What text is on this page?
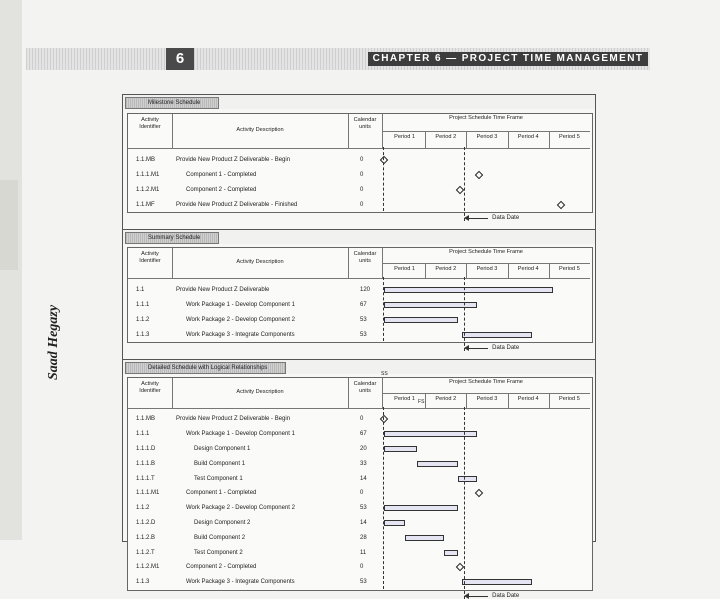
6	CHAPTER 6 — PROJECT TIME MANAGEMENT
Saad Hegazy
Milestone Schedule
Activity Identifier	Activity Description
Calendar units
Project Schedule Time Frame
Period 1	Period 2	Period 3	Period 4	Period 5
1.1.MB	Provide New Product Z Deliverable - Begin	0
1.1.1.M1	Component 1 - Completed	0
1.1.2.M1	Component 2 - Completed	0
1.1.MF	Provide New Product Z Deliverable - Finished	0
Data Date
Summary Schedule
Activity Identifier	Activity Description
Calendar units
Project Schedule Time Frame
Period 1	Period 2	Period 3	Period 4	Period 5
1.1	Provide New Product Z Deliverable	120
1.1.1	Work Package 1 - Develop Component 1	67
1.1.2	Work Package 2 - Develop Component 2	53
1.1.3	Work Package 3 - Integrate Components	53
Data Date
Detailed Schedule with Logical Relationships
Activity Identifier	Activity Description
Calendar units
Project Schedule Time Frame
Period 1	Period 2	Period 3	Period 4	Period 5
1.1.MB	Provide New Product Z Deliverable - Begin	0
1.1.1	Work Package 1 - Develop Component 1	67
1.1.1.D	Design Component 1	20
1.1.1.B	Build Component 1	33
1.1.1.T	Test Component 1	14
1.1.1.M1	Component 1 - Completed	0
1.1.2	Work Package 2 - Develop Component 2	53
1.1.2.D	Design Component 2	14
1.1.2.B	Build Component 2	28
1.1.2.T	Test Component 2	11
1.1.2.M1	Component 2 - Completed	0
1.1.3	Work Package 3 - Integrate Components	53
Data Date
SS
FS
